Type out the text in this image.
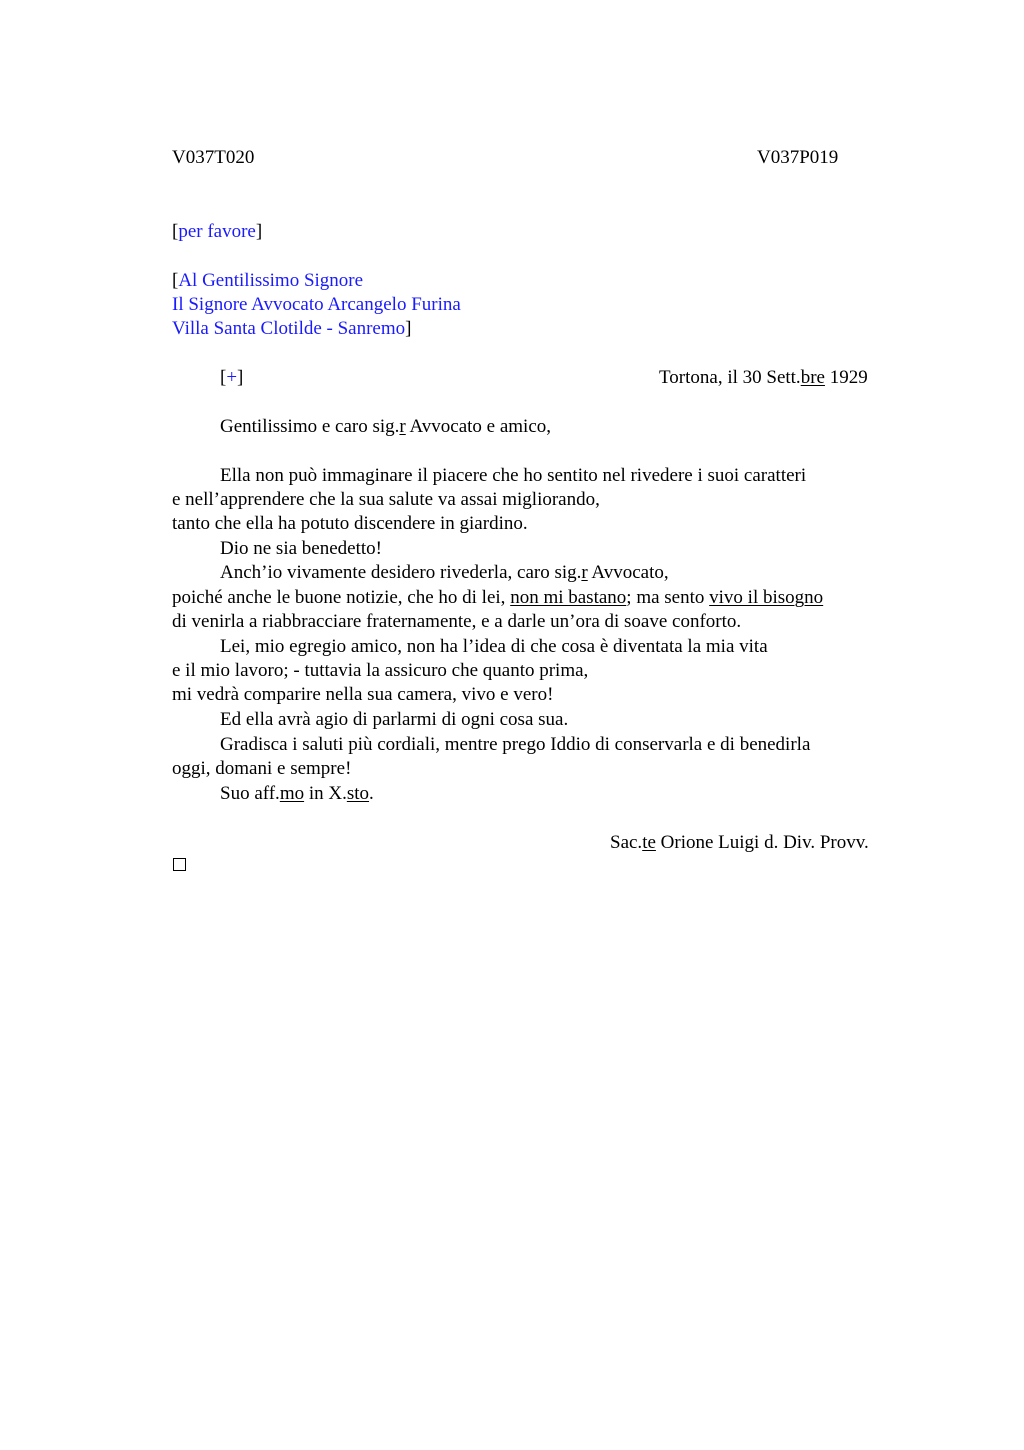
V037T020	V037P019
[per favore]
[Al Gentilissimo Signore
Il Signore Avvocato Arcangelo Furina
Villa Santa Clotilde - Sanremo]
[+]	Tortona, il 30 Sett.bre 1929
Gentilissimo e caro sig.r Avvocato e amico,
Ella non può immaginare il piacere che ho sentito nel rivedere i suoi caratteri
e nell’apprendere che la sua salute va assai migliorando,
tanto che ella ha potuto discendere in giardino.
Dio ne sia benedetto!
Anch’io vivamente desidero rivederla, caro sig.r Avvocato,
poiché anche le buone notizie, che ho di lei, non mi bastano; ma sento vivo il bisogno
di venirla a riabbracciare fraternamente, e a darle un’ora di soave conforto.
Lei, mio egregio amico, non ha l’idea di che cosa è diventata la mia vita
e il mio lavoro; - tuttavia la assicuro che quanto prima,
mi vedrà comparire nella sua camera, vivo e vero!
Ed ella avrà agio di parlarmi di ogni cosa sua.
Gradisca i saluti più cordiali, mentre prego Iddio di conservarla e di benedirla
oggi, domani e sempre!
Suo aff.mo in X.sto.
Sac.te Orione Luigi d. Div. Provv.
